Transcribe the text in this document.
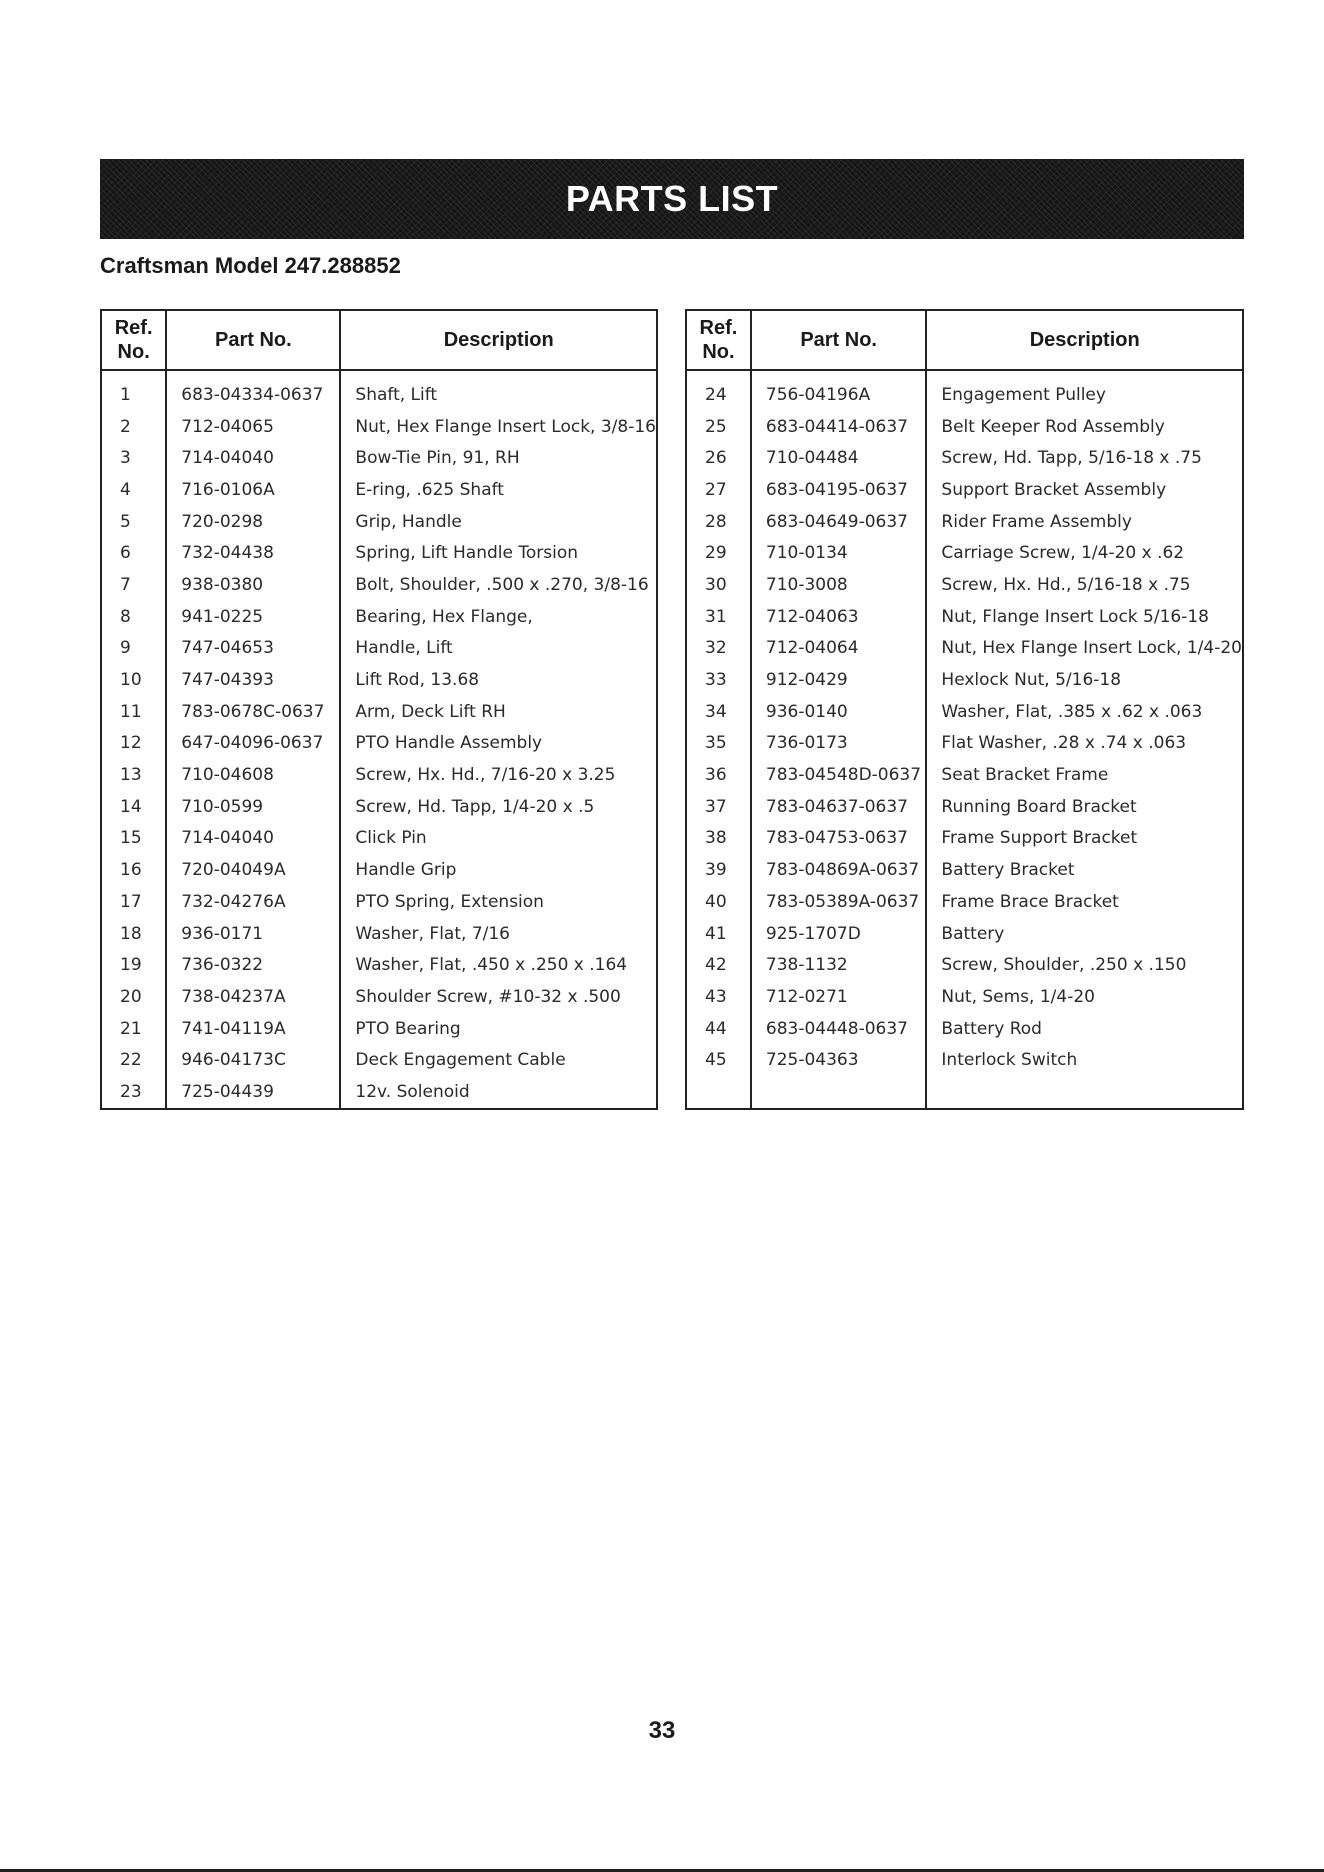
PARTS LIST
Craftsman Model 247.288852
Ref.
No.	Part No.	Description
1	683-04334-0637	Shaft, Lift
2	712-04065	Nut, Hex Flange Insert Lock, 3/8-16
3	714-04040	Bow-Tie Pin, 91, RH
4	716-0106A	E-ring, .625 Shaft
5	720-0298	Grip, Handle
6	732-04438	Spring, Lift Handle Torsion
7	938-0380	Bolt, Shoulder, .500 x .270, 3/8-16
8	941-0225	Bearing, Hex Flange,
9	747-04653	Handle, Lift
10	747-04393	Lift Rod, 13.68
11	783-0678C-0637	Arm, Deck Lift RH
12	647-04096-0637	PTO Handle Assembly
13	710-04608	Screw, Hx. Hd., 7/16-20 x 3.25
14	710-0599	Screw, Hd. Tapp, 1/4-20 x .5
15	714-04040	Click Pin
16	720-04049A	Handle Grip
17	732-04276A	PTO Spring, Extension
18	936-0171	Washer, Flat, 7/16
19	736-0322	Washer, Flat, .450 x .250 x .164
20	738-04237A	Shoulder Screw, #10-32 x .500
21	741-04119A	PTO Bearing
22	946-04173C	Deck Engagement Cable
23	725-04439	12v. Solenoid
Ref.
No.	Part No.	Description
24	756-04196A	Engagement Pulley
25	683-04414-0637	Belt Keeper Rod Assembly
26	710-04484	Screw, Hd. Tapp, 5/16-18 x .75
27	683-04195-0637	Support Bracket Assembly
28	683-04649-0637	Rider Frame Assembly
29	710-0134	Carriage Screw, 1/4-20 x .62
30	710-3008	Screw, Hx. Hd., 5/16-18 x .75
31	712-04063	Nut, Flange Insert Lock 5/16-18
32	712-04064	Nut, Hex Flange Insert Lock, 1/4-20
33	912-0429	Hexlock Nut, 5/16-18
34	936-0140	Washer, Flat, .385 x .62 x .063
35	736-0173	Flat Washer, .28 x .74 x .063
36	783-04548D-0637	Seat Bracket Frame
37	783-04637-0637	Running Board Bracket
38	783-04753-0637	Frame Support Bracket
39	783-04869A-0637	Battery Bracket
40	783-05389A-0637	Frame Brace Bracket
41	925-1707D	Battery
42	738-1132	Screw, Shoulder, .250 x .150
43	712-0271	Nut, Sems, 1/4-20
44	683-04448-0637	Battery Rod
45	725-04363	Interlock Switch

33
